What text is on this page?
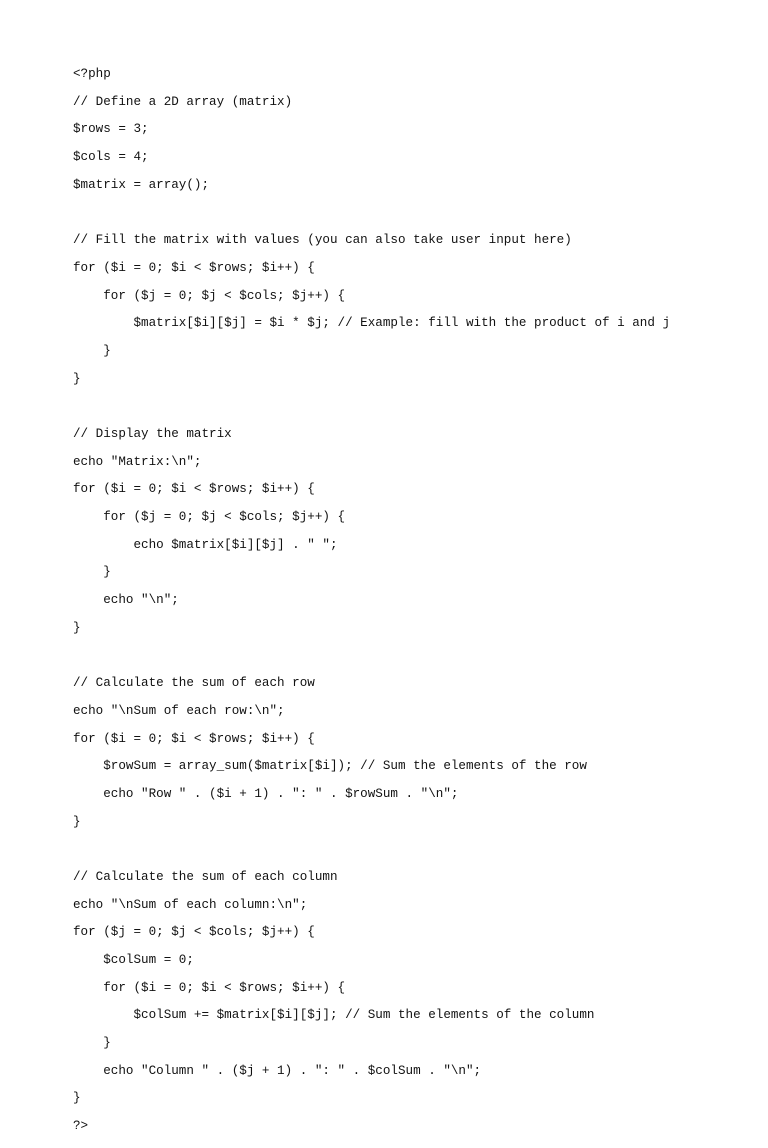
<?php

// Define a 2D array (matrix)

$rows = 3;

$cols = 4;

$matrix = array();

// Fill the matrix with values (you can also take user input here)

for ($i = 0; $i < $rows; $i++) {

for ($j = 0; $j < $cols; $j++) {

$matrix[$i][$j] = $i * $j; // Example: fill with the product of i and j

}

}

// Display the matrix

echo "Matrix:\n";

for ($i = 0; $i < $rows; $i++) {

for ($j = 0; $j < $cols; $j++) {

echo $matrix[$i][$j] . " ";

}

echo "\n";

}

// Calculate the sum of each row

echo "\nSum of each row:\n";

for ($i = 0; $i < $rows; $i++) {

$rowSum = array_sum($matrix[$i]); // Sum the elements of the row

echo "Row " . ($i + 1) . ": " . $rowSum . "\n";

}

// Calculate the sum of each column

echo "\nSum of each column:\n";

for ($j = 0; $j < $cols; $j++) {

$colSum = 0;

for ($i = 0; $i < $rows; $i++) {

$colSum += $matrix[$i][$j]; // Sum the elements of the column

}

echo "Column " . ($j + 1) . ": " . $colSum . "\n";

}

?>
